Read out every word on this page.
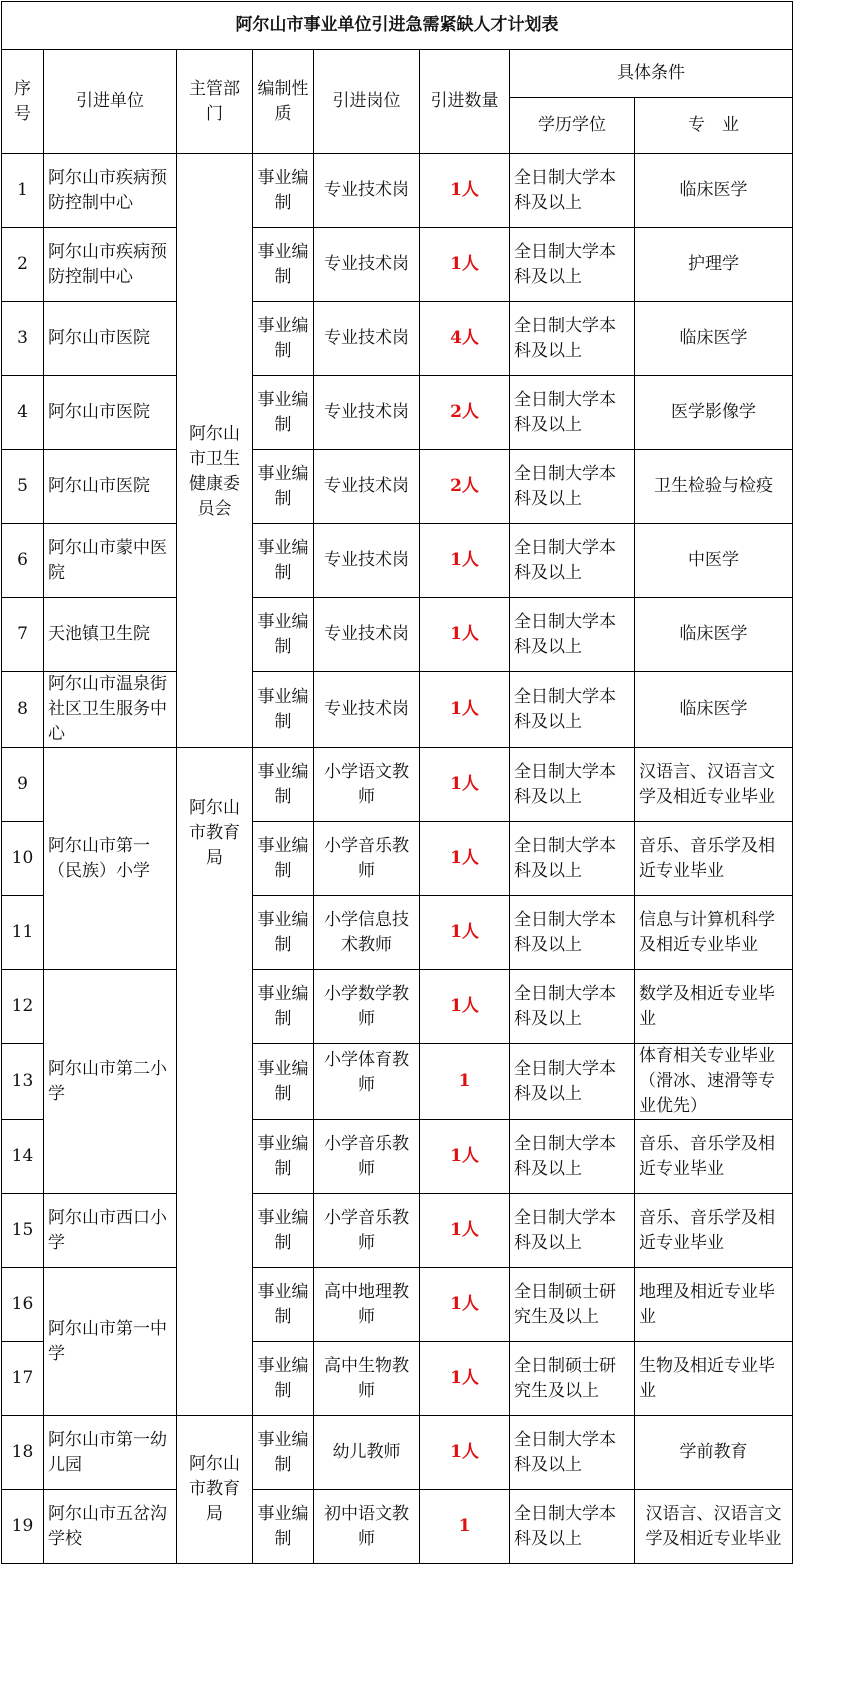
阿尔山市事业单位引进急需紧缺人才计划表							
序号	引进单位	主管部门	编制性质	引进岗位	引进数量	具体条件	
						学历学位	专　业
1	阿尔山市疾病预防控制中心	阿尔山市卫生健康委员会	事业编制	专业技术岗	1人	全日制大学本科及以上	临床医学
2	阿尔山市疾病预防控制中心		事业编制	专业技术岗	1人	全日制大学本科及以上	护理学
3	阿尔山市医院		事业编制	专业技术岗	4人	全日制大学本科及以上	临床医学
4	阿尔山市医院		事业编制	专业技术岗	2人	全日制大学本科及以上	医学影像学
5	阿尔山市医院		事业编制	专业技术岗	2人	全日制大学本科及以上	卫生检验与检疫
6	阿尔山市蒙中医院		事业编制	专业技术岗	1人	全日制大学本科及以上	中医学
7	天池镇卫生院		事业编制	专业技术岗	1人	全日制大学本科及以上	临床医学
8	阿尔山市温泉街社区卫生服务中心		事业编制	专业技术岗	1人	全日制大学本科及以上	临床医学
9	阿尔山市第一（民族）小学	阿尔山市教育局	事业编制	小学语文教师	1人	全日制大学本科及以上	汉语言、汉语言文学及相近专业毕业
10			事业编制	小学音乐教师	1人	全日制大学本科及以上	音乐、音乐学及相近专业毕业
11			事业编制	小学信息技术教师	1人	全日制大学本科及以上	信息与计算机科学及相近专业毕业
12	阿尔山市第二小学		事业编制	小学数学教师	1人	全日制大学本科及以上	数学及相近专业毕业
13			事业编制	小学体育教师	1	全日制大学本科及以上	体育相关专业毕业（滑冰、速滑等专业优先）
14			事业编制	小学音乐教师	1人	全日制大学本科及以上	音乐、音乐学及相近专业毕业
15	阿尔山市西口小学		事业编制	小学音乐教师	1人	全日制大学本科及以上	音乐、音乐学及相近专业毕业
16	阿尔山市第一中学		事业编制	高中地理教师	1人	全日制硕士研究生及以上	地理及相近专业毕业
17			事业编制	高中生物教师	1人	全日制硕士研究生及以上	生物及相近专业毕业
18	阿尔山市第一幼儿园	阿尔山市教育局	事业编制	幼儿教师	1人	全日制大学本科及以上	学前教育
19	阿尔山市五岔沟学校		事业编制	初中语文教师	1	全日制大学本科及以上	汉语言、汉语言文学及相近专业毕业
